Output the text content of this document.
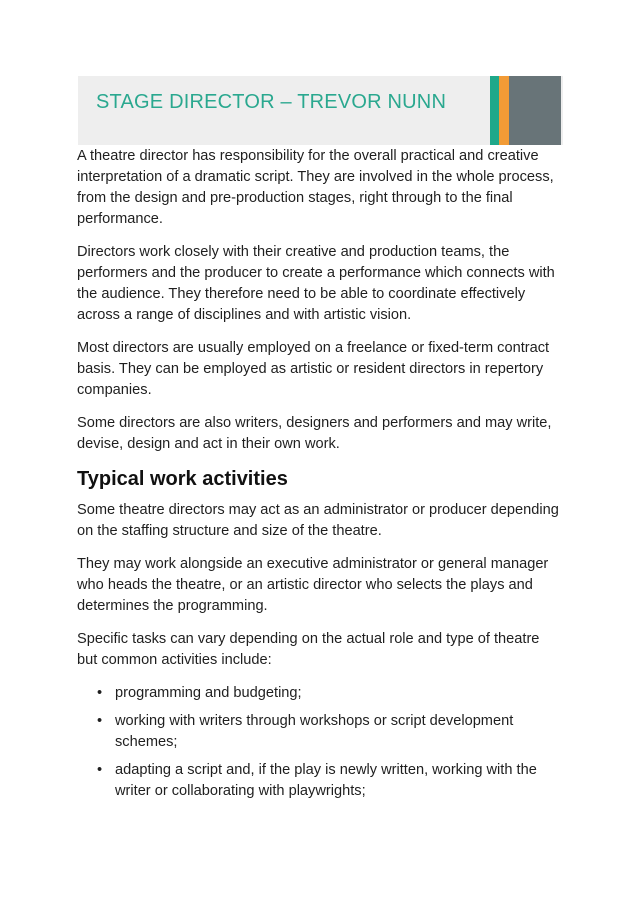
STAGE DIRECTOR – TREVOR NUNN

A theatre director has responsibility for the overall practical and creative interpretation of a dramatic script. They are involved in the whole process, from the design and pre-production stages, right through to the final performance.

Directors work closely with their creative and production teams, the performers and the producer to create a performance which connects with the audience. They therefore need to be able to coordinate effectively across a range of disciplines and with artistic vision.

Most directors are usually employed on a freelance or fixed-term contract basis. They can be employed as artistic or resident directors in repertory companies.

Some directors are also writers, designers and performers and may write, devise, design and act in their own work.

Typical work activities

Some theatre directors may act as an administrator or producer depending on the staffing structure and size of the theatre.

They may work alongside an executive administrator or general manager who heads the theatre, or an artistic director who selects the plays and determines the programming.

Specific tasks can vary depending on the actual role and type of theatre but common activities include:

• programming and budgeting;
• working with writers through workshops or script development schemes;
• adapting a script and, if the play is newly written, working with the writer or collaborating with playwrights;
